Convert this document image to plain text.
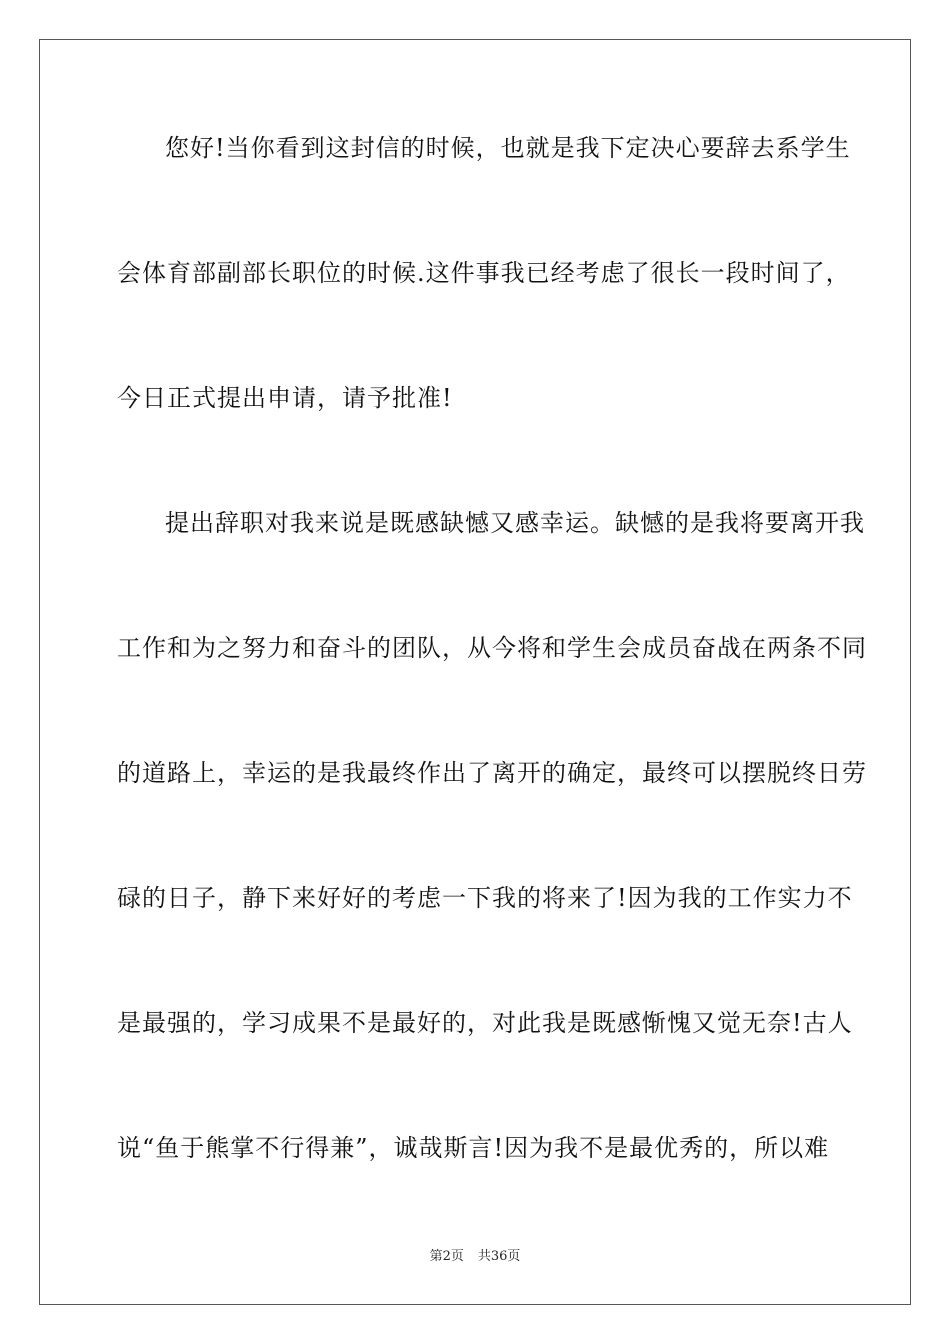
您好!当你看到这封信的时候，也就是我下定决心要辞去系学生
会体育部副部长职位的时候.这件事我已经考虑了很长一段时间了，
今日正式提出申请，请予批准!
提出辞职对我来说是既感缺憾又感幸运。缺憾的是我将要离开我
工作和为之努力和奋斗的团队，从今将和学生会成员奋战在两条不同
的道路上，幸运的是我最终作出了离开的确定，最终可以摆脱终日劳
碌的日子，静下来好好的考虑一下我的将来了!因为我的工作实力不
是最强的，学习成果不是最好的，对此我是既感惭愧又觉无奈!古人
说“鱼于熊掌不行得兼”，诚哉斯言!因为我不是最优秀的，所以难
第2页 共36页
